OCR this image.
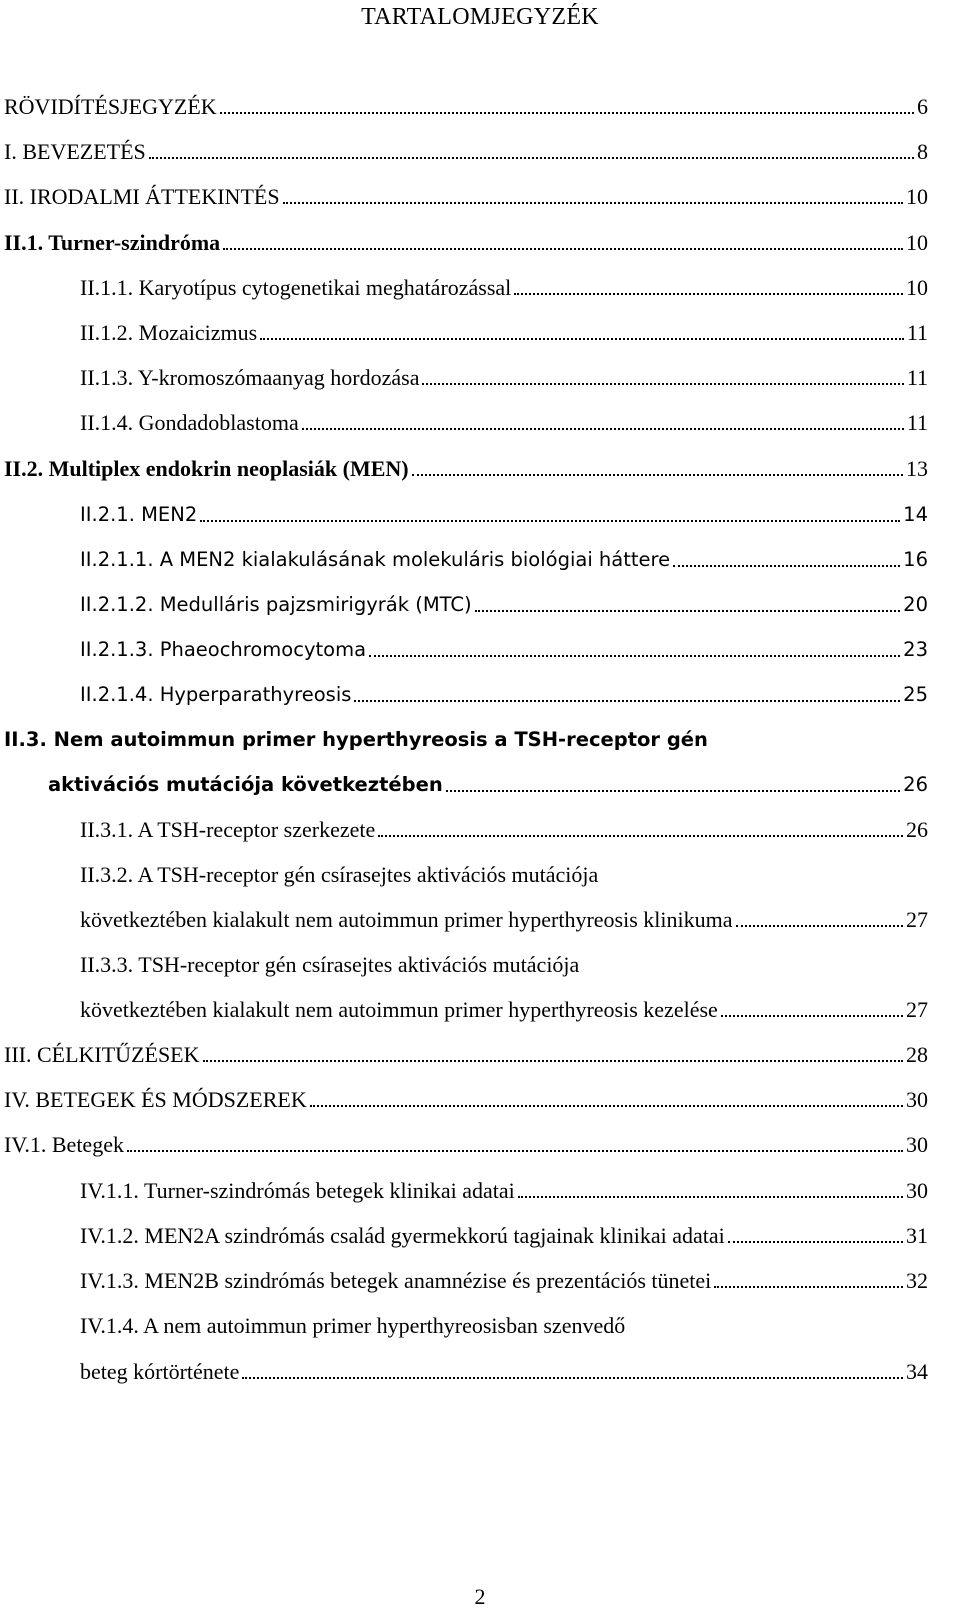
TARTALOMJEGYZÉK
RÖVIDÍTÉSJEGYZÉK	6
I. BEVEZETÉS	8
II. IRODALMI ÁTTEKINTÉS	10
II.1. Turner-szindróma	10
II.1.1. Karyotípus cytogenetikai meghatározással	10
II.1.2. Mozaicizmus	11
II.1.3. Y-kromoszómaanyag hordozása	11
II.1.4. Gondadoblastoma	11
II.2. Multiplex endokrin neoplasiák (MEN)	13
II.2.1. MEN2	14
II.2.1.1. A MEN2 kialakulásának molekuláris biológiai háttere	16
II.2.1.2. Medulláris pajzsmirigyrák (MTC)	20
II.2.1.3. Phaeochromocytoma	23
II.2.1.4. Hyperparathyreosis	25
II.3. Nem autoimmun primer hyperthyreosis a TSH-receptor gén
aktivációs mutációja következtében	26
II.3.1. A TSH-receptor szerkezete	26
II.3.2. A TSH-receptor gén csírasejtes aktivációs mutációja
következtében kialakult nem autoimmun primer hyperthyreosis klinikuma	27
II.3.3. TSH-receptor gén csírasejtes aktivációs mutációja
következtében kialakult nem autoimmun primer hyperthyreosis kezelése	27
III. CÉLKITŰZÉSEK	28
IV. BETEGEK ÉS MÓDSZEREK	30
IV.1. Betegek	30
IV.1.1. Turner-szindrómás betegek klinikai adatai	30
IV.1.2. MEN2A szindrómás család gyermekkorú tagjainak klinikai adatai	31
IV.1.3. MEN2B szindrómás betegek anamnézise és prezentációs tünetei	32
IV.1.4. A nem autoimmun primer hyperthyreosisban szenvedő
beteg kórtörténete	34
2
